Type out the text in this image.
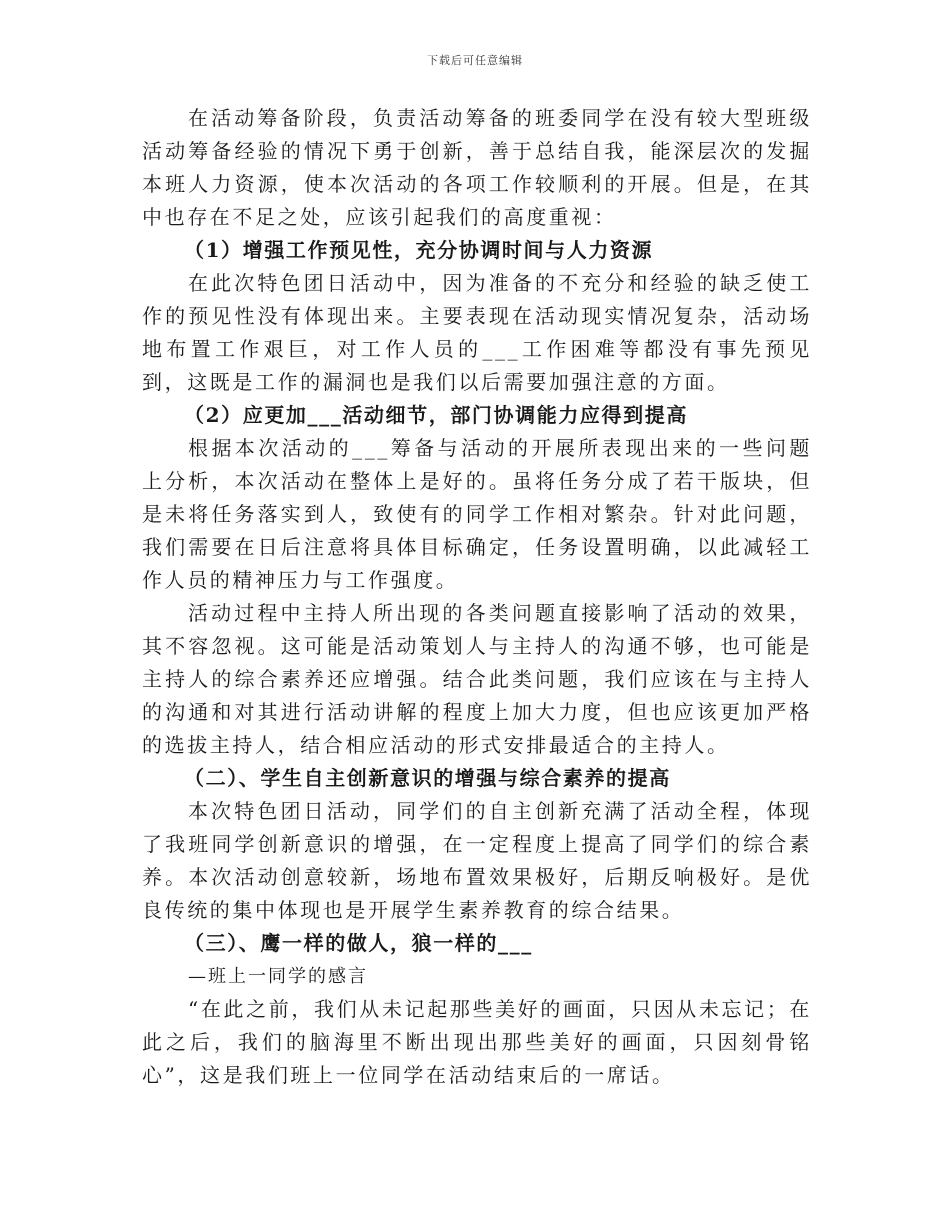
下载后可任意编辑

在活动筹备阶段，负责活动筹备的班委同学在没有较大型班级活动筹备经验的情况下勇于创新，善于总结自我，能深层次的发掘本班人力资源，使本次活动的各项工作较顺利的开展。但是，在其中也存在不足之处，应该引起我们的高度重视：

（1）增强工作预见性，充分协调时间与人力资源

在此次特色团日活动中，因为准备的不充分和经验的缺乏使工作的预见性没有体现出来。主要表现在活动现实情况复杂，活动场地布置工作艰巨，对工作人员的___工作困难等都没有事先预见到，这既是工作的漏洞也是我们以后需要加强注意的方面。

（2）应更加___活动细节，部门协调能力应得到提高

根据本次活动的___筹备与活动的开展所表现出来的一些问题上分析，本次活动在整体上是好的。虽将任务分成了若干版块，但是未将任务落实到人，致使有的同学工作相对繁杂。针对此问题，我们需要在日后注意将具体目标确定，任务设置明确，以此减轻工作人员的精神压力与工作强度。

活动过程中主持人所出现的各类问题直接影响了活动的效果，其不容忽视。这可能是活动策划人与主持人的沟通不够，也可能是主持人的综合素养还应增强。结合此类问题，我们应该在与主持人的沟通和对其进行活动讲解的程度上加大力度，但也应该更加严格的选拔主持人，结合相应活动的形式安排最适合的主持人。

（二）、学生自主创新意识的增强与综合素养的提高

本次特色团日活动，同学们的自主创新充满了活动全程，体现了我班同学创新意识的增强，在一定程度上提高了同学们的综合素养。本次活动创意较新，场地布置效果极好，后期反响极好。是优良传统的集中体现也是开展学生素养教育的综合结果。

（三）、鹰一样的做人，狼一样的___

—班上一同学的感言

“在此之前，我们从未记起那些美好的画面，只因从未忘记；在此之后，我们的脑海里不断出现出那些美好的画面，只因刻骨铭心”，这是我们班上一位同学在活动结束后的一席话。
